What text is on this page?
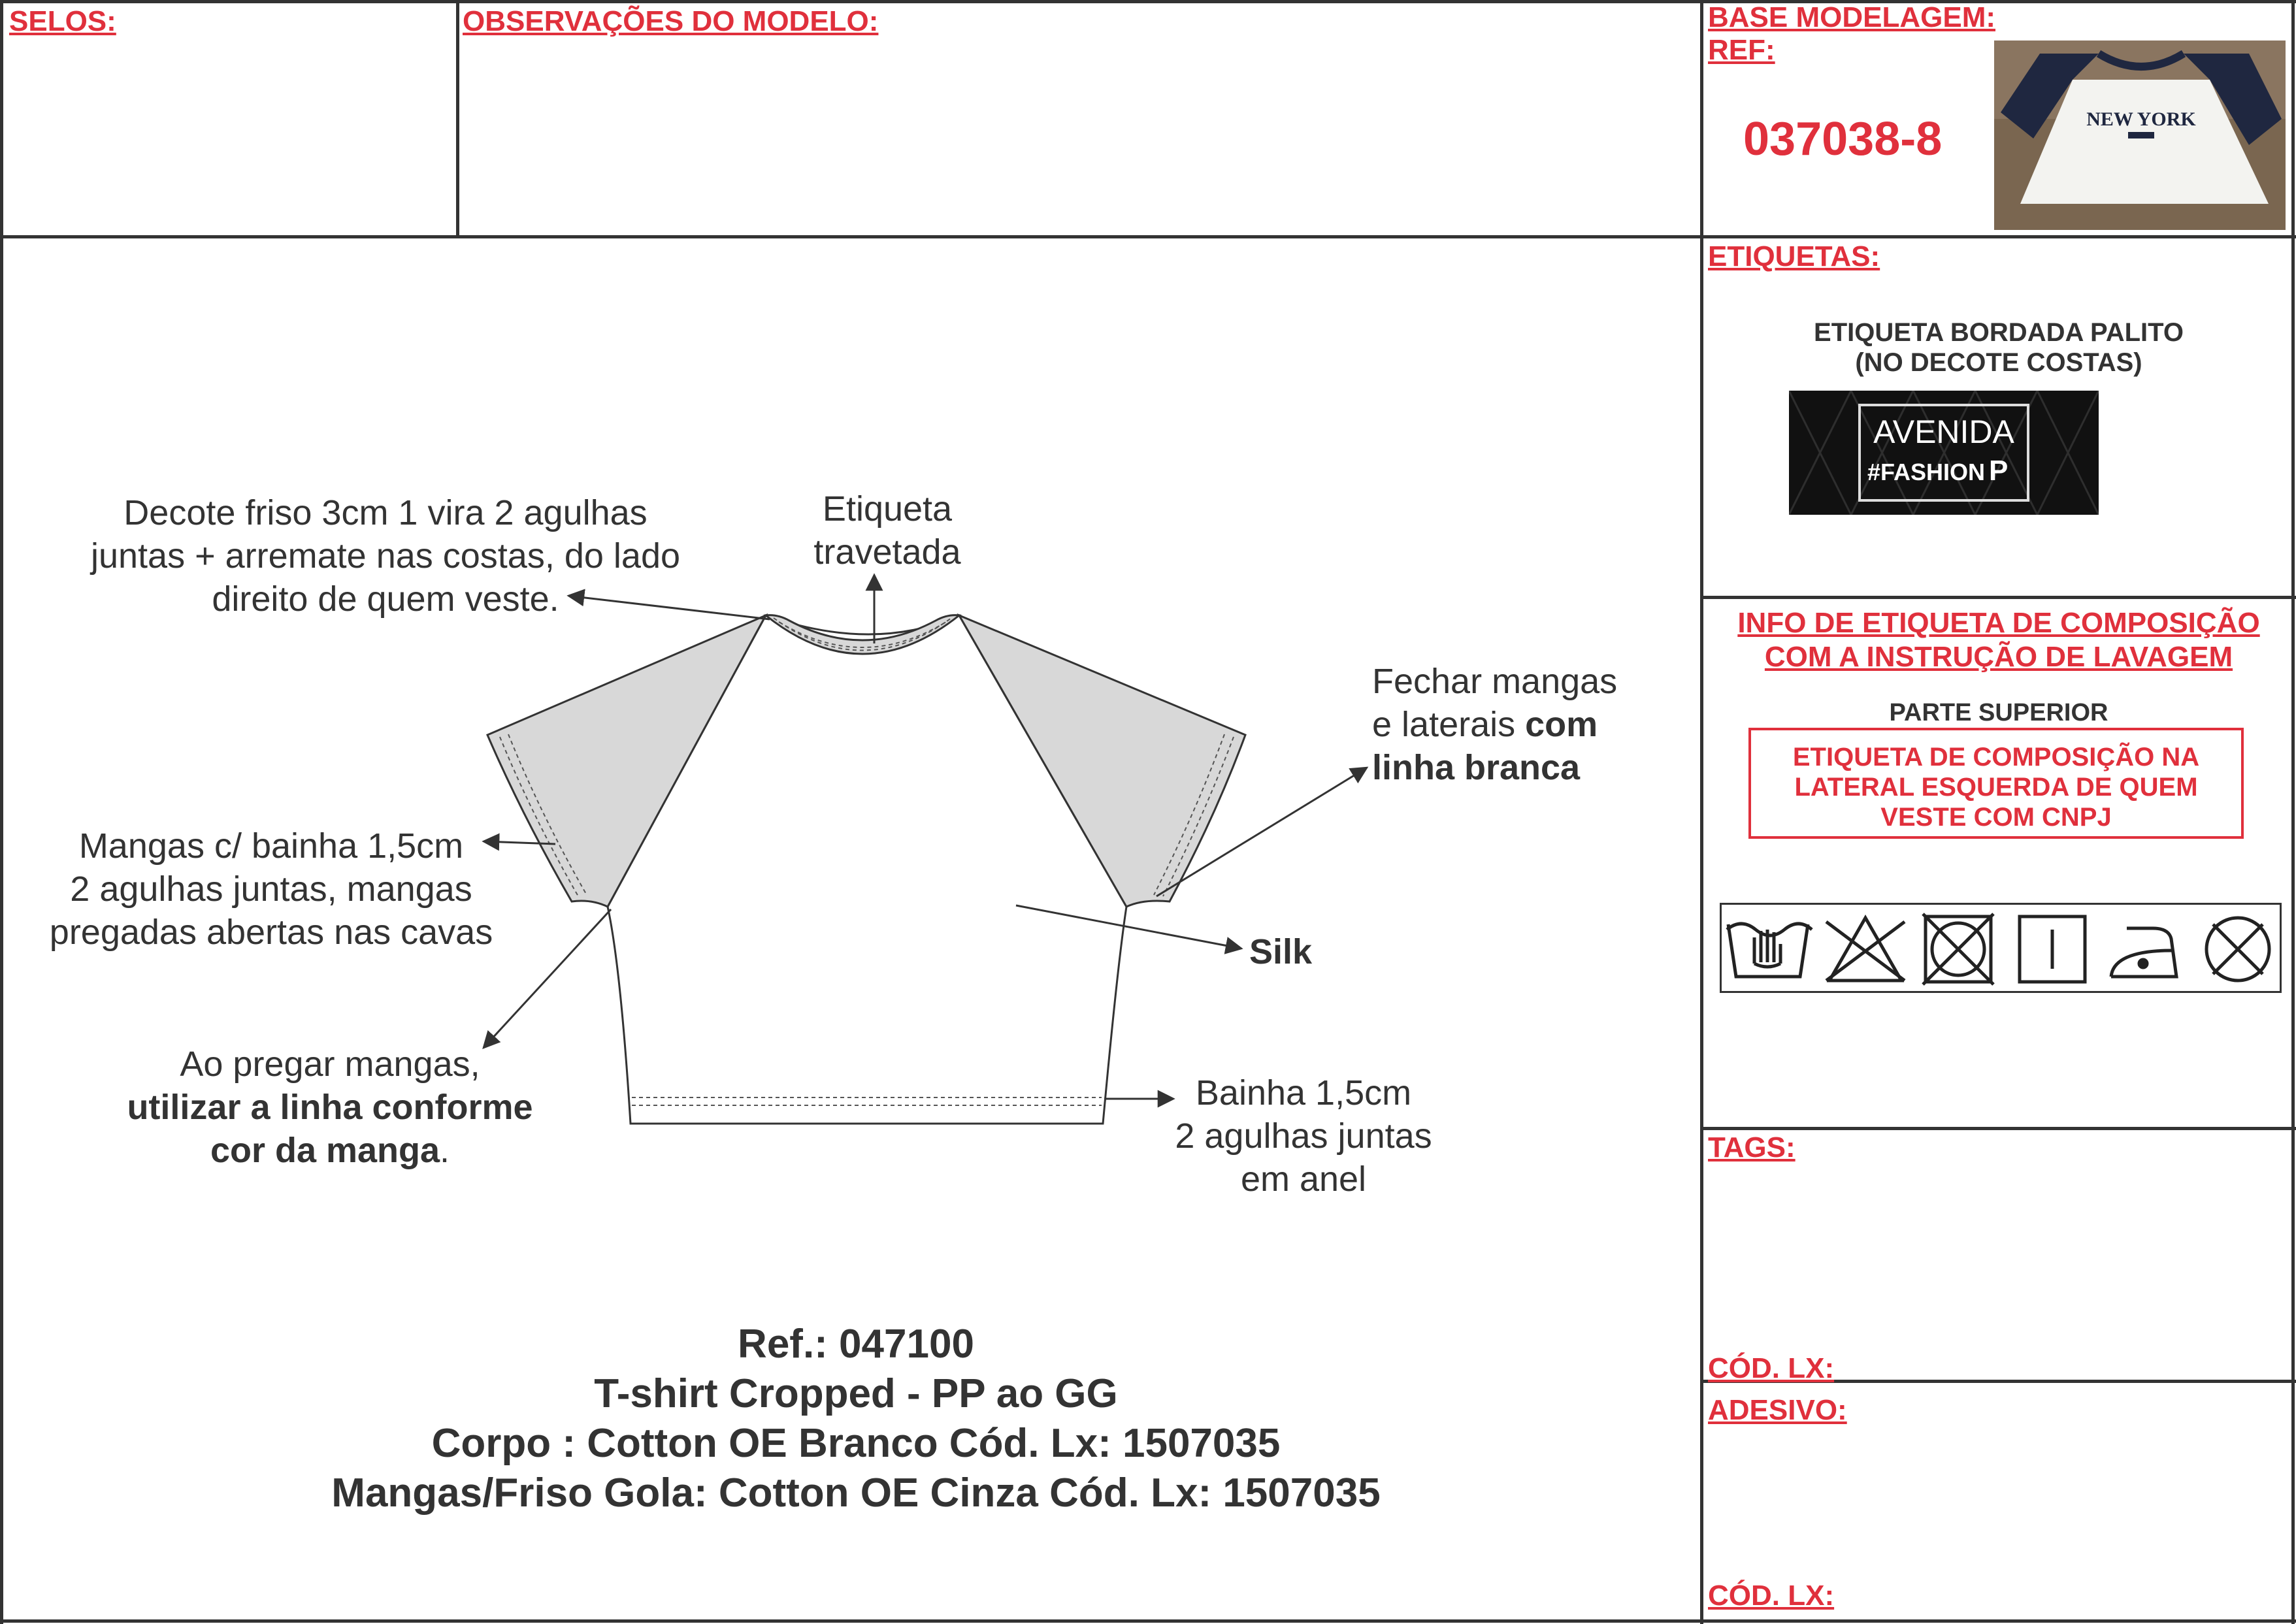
SELOS:	OBSERVAÇÕES DO MODELO:	BASE MODELAGEM:
REF:
037038-8	NEW YORK
ETIQUETAS:
ETIQUETA BORDADA PALITO
(NO DECOTE COSTAS)
AVENIDA
#FASHION P
INFO DE ETIQUETA DE COMPOSIÇÃO
COM A INSTRUÇÃO DE LAVAGEM
PARTE SUPERIOR
ETIQUETA DE COMPOSIÇÃO NA
LATERAL ESQUERDA DE QUEM
VESTE COM CNPJ
TAGS:
CÓD. LX:
ADESIVO:
CÓD. LX:
Decote friso 3cm 1 vira 2 agulhas
juntas + arremate nas costas, do lado
direito de quem veste.
Etiqueta
travetada
Fechar mangas
e laterais com
linha branca
Mangas c/ bainha 1,5cm
2 agulhas juntas, mangas
pregadas abertas nas cavas	Silk
Ao pregar mangas,
utilizar a linha conforme
cor da manga.
Bainha 1,5cm
2 agulhas juntas
em anel
Ref.: 047100
T-shirt Cropped - PP ao GG
Corpo : Cotton OE Branco Cód. Lx: 1507035
Mangas/Friso Gola: Cotton OE Cinza Cód. Lx: 1507035
